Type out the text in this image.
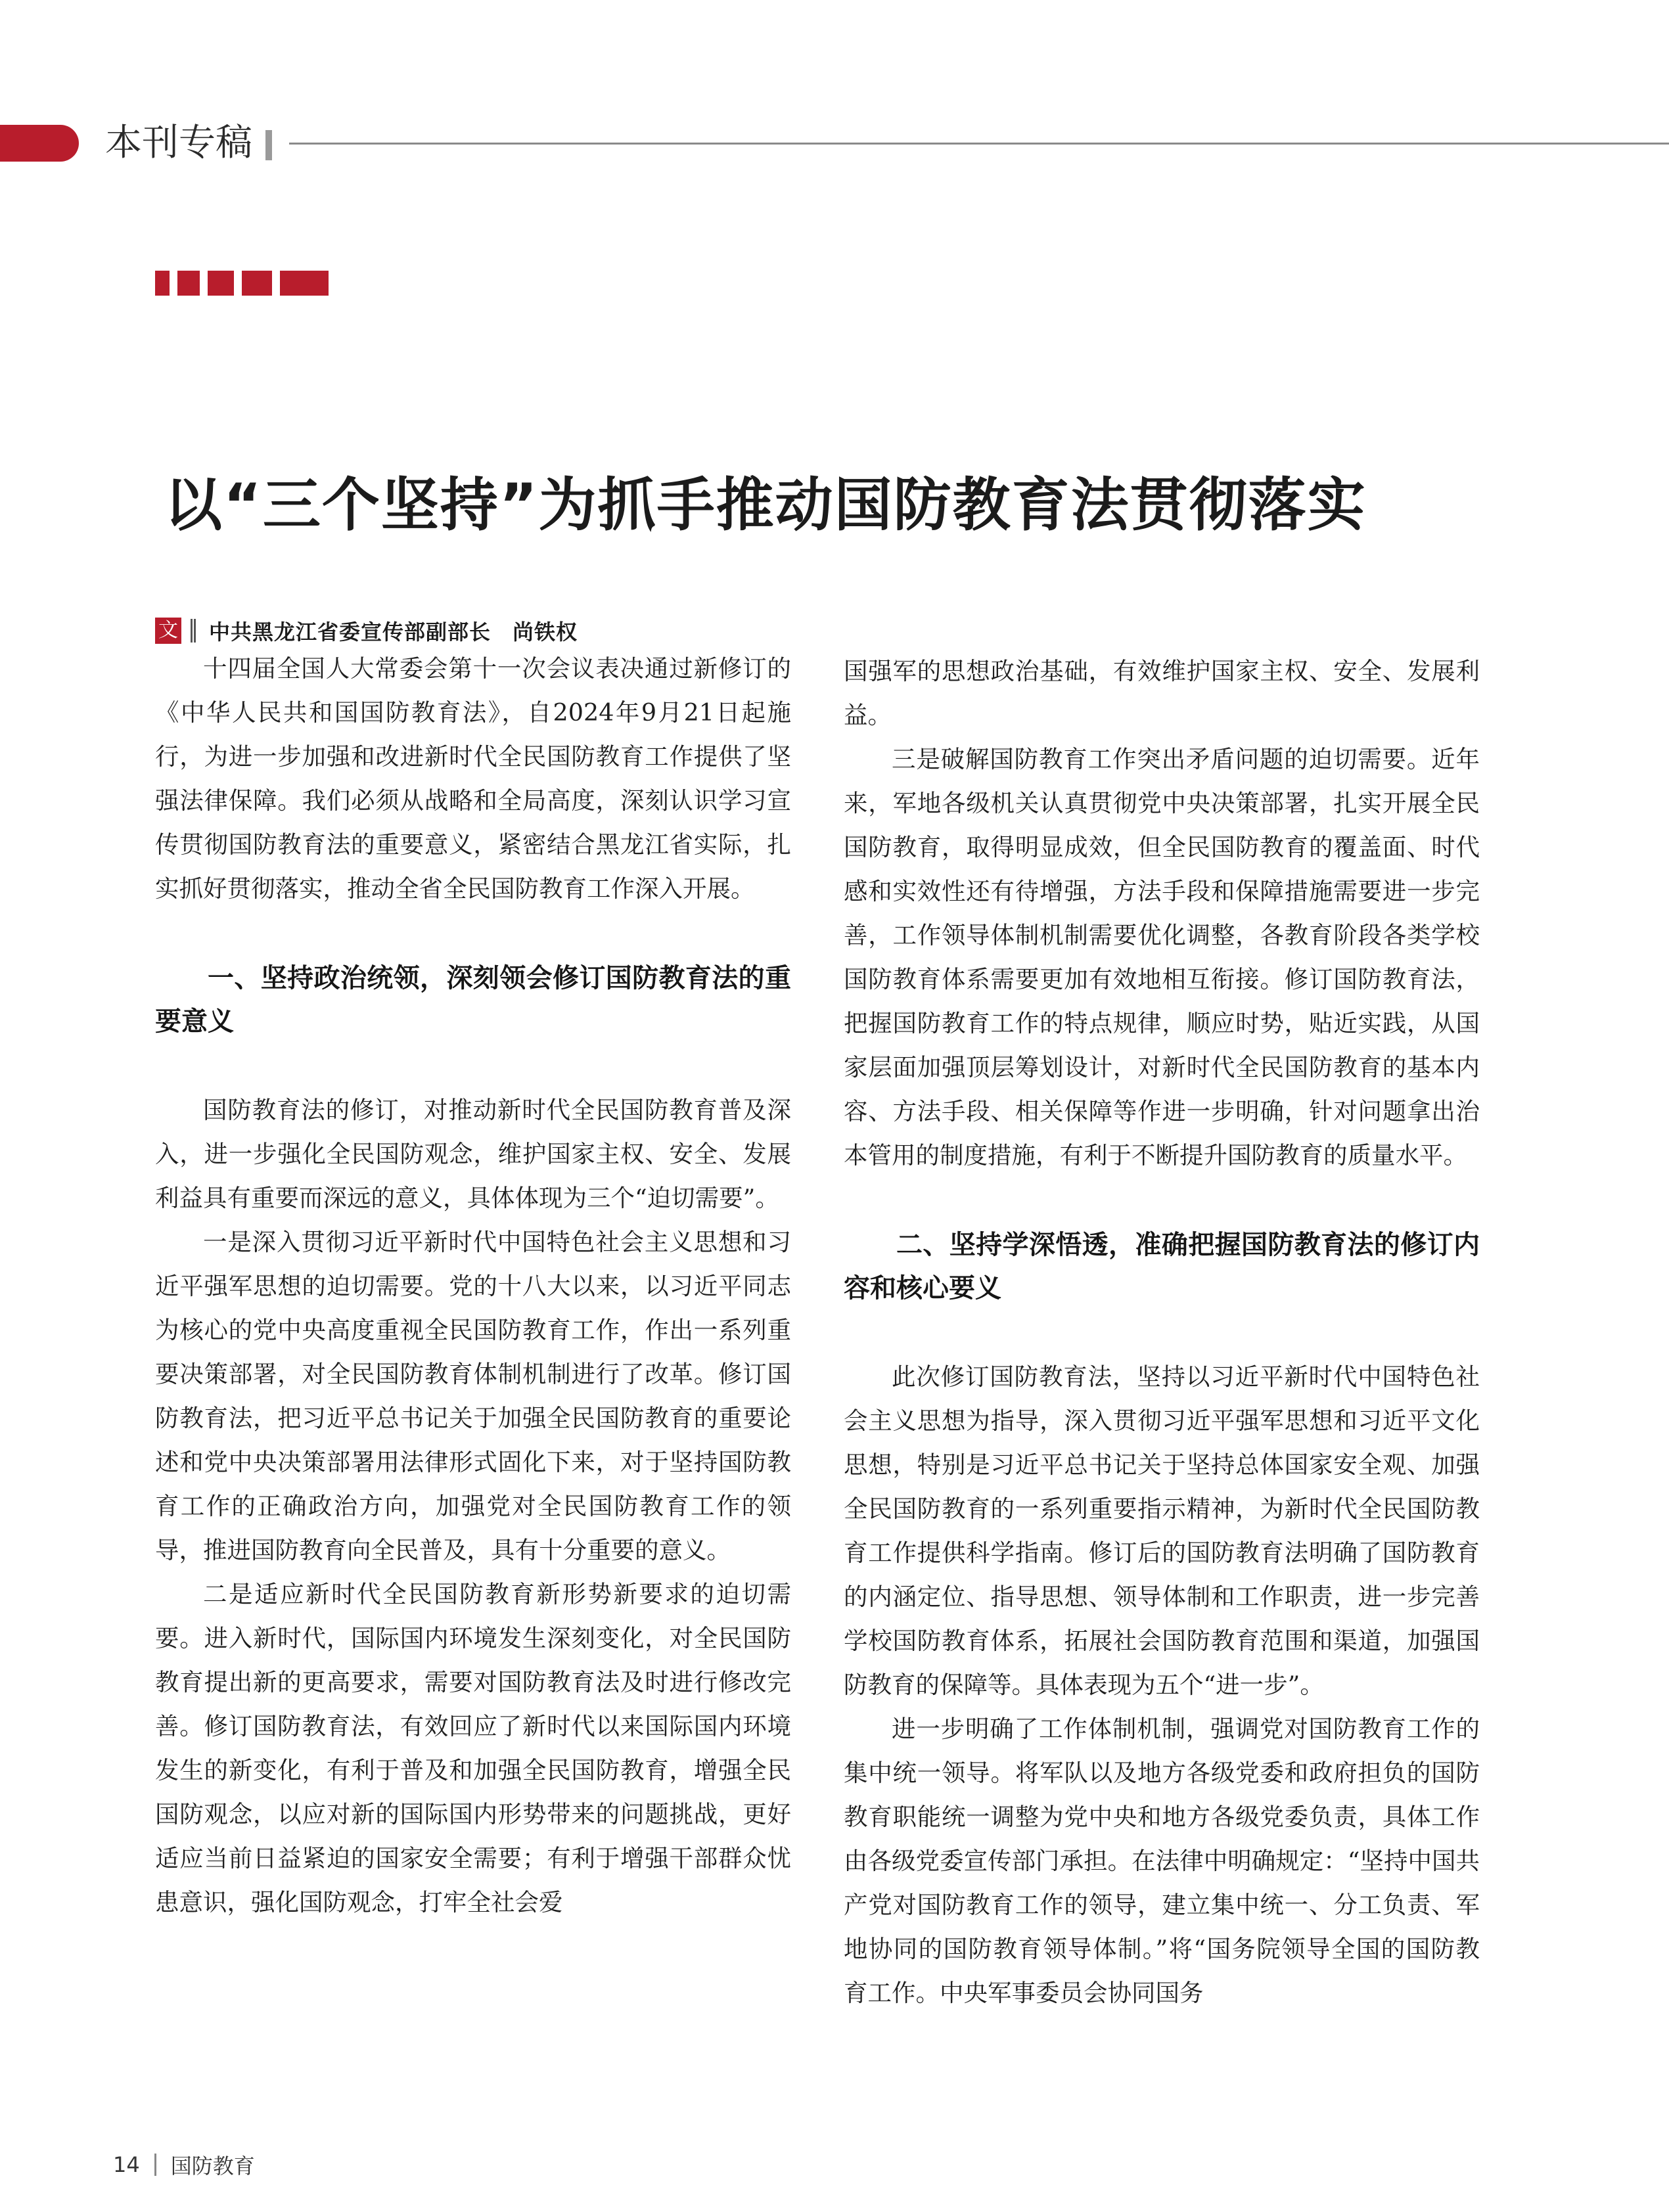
本刊专稿
以“三个坚持”为抓手推动国防教育法贯彻落实
文 中共黑龙江省委宣传部副部长　尚铁权

十四届全国人大常委会第十一次会议表决通过新修订的《中华人民共和国国防教育法》，自2024年9月21日起施行，为进一步加强和改进新时代全民国防教育工作提供了坚强法律保障。我们必须从战略和全局高度，深刻认识学习宣传贯彻国防教育法的重要意义，紧密结合黑龙江省实际，扎实抓好贯彻落实，推动全省全民国防教育工作深入开展。

一、坚持政治统领，深刻领会修订国防教育法的重要意义

国防教育法的修订，对推动新时代全民国防教育普及深入，进一步强化全民国防观念，维护国家主权、安全、发展利益具有重要而深远的意义，具体体现为三个“迫切需要”。

一是深入贯彻习近平新时代中国特色社会主义思想和习近平强军思想的迫切需要。党的十八大以来，以习近平同志为核心的党中央高度重视全民国防教育工作，作出一系列重要决策部署，对全民国防教育体制机制进行了改革。修订国防教育法，把习近平总书记关于加强全民国防教育的重要论述和党中央决策部署用法律形式固化下来，对于坚持国防教育工作的正确政治方向，加强党对全民国防教育工作的领导，推进国防教育向全民普及，具有十分重要的意义。

二是适应新时代全民国防教育新形势新要求的迫切需要。进入新时代，国际国内环境发生深刻变化，对全民国防教育提出新的更高要求，需要对国防教育法及时进行修改完善。修订国防教育法，有效回应了新时代以来国际国内环境发生的新变化，有利于普及和加强全民国防教育，增强全民国防观念，以应对新的国际国内形势带来的问题挑战，更好适应当前日益紧迫的国家安全需要；有利于增强干部群众忧患意识，强化国防观念，打牢全社会爱

国强军的思想政治基础，有效维护国家主权、安全、发展利益。

三是破解国防教育工作突出矛盾问题的迫切需要。近年来，军地各级机关认真贯彻党中央决策部署，扎实开展全民国防教育，取得明显成效，但全民国防教育的覆盖面、时代感和实效性还有待增强，方法手段和保障措施需要进一步完善，工作领导体制机制需要优化调整，各教育阶段各类学校国防教育体系需要更加有效地相互衔接。修订国防教育法，把握国防教育工作的特点规律，顺应时势，贴近实践，从国家层面加强顶层筹划设计，对新时代全民国防教育的基本内容、方法手段、相关保障等作进一步明确，针对问题拿出治本管用的制度措施，有利于不断提升国防教育的质量水平。

二、坚持学深悟透，准确把握国防教育法的修订内容和核心要义

此次修订国防教育法，坚持以习近平新时代中国特色社会主义思想为指导，深入贯彻习近平强军思想和习近平文化思想，特别是习近平总书记关于坚持总体国家安全观、加强全民国防教育的一系列重要指示精神，为新时代全民国防教育工作提供科学指南。修订后的国防教育法明确了国防教育的内涵定位、指导思想、领导体制和工作职责，进一步完善学校国防教育体系，拓展社会国防教育范围和渠道，加强国防教育的保障等。具体表现为五个“进一步”。

进一步明确了工作体制机制，强调党对国防教育工作的集中统一领导。将军队以及地方各级党委和政府担负的国防教育职能统一调整为党中央和地方各级党委负责，具体工作由各级党委宣传部门承担。在法律中明确规定：“坚持中国共产党对国防教育工作的领导，建立集中统一、分工负责、军地协同的国防教育领导体制。”将“国务院领导全国的国防教育工作。中央军事委员会协同国务

14 国防教育
